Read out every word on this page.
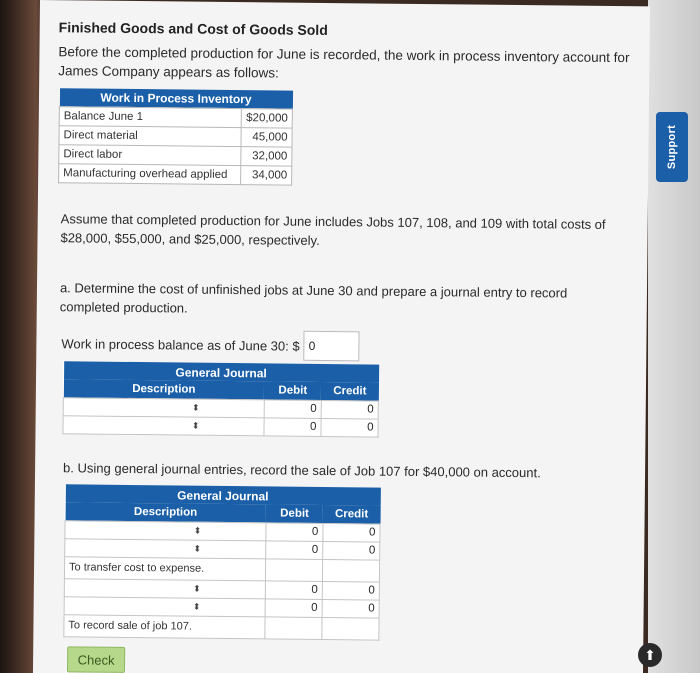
Finished Goods and Cost of Goods Sold
Before the completed production for June is recorded, the work in process inventory account for James Company appears as follows:
Work in Process Inventory	
Balance June 1	$20,000
Direct material	45,000
Direct labor	32,000
Manufacturing overhead applied	34,000
Assume that completed production for June includes Jobs 107, 108, and 109 with total costs of $28,000, $55,000, and $25,000, respectively.
a. Determine the cost of unfinished jobs at June 30 and prepare a journal entry to record completed production.
Work in process balance as of June 30: $ 0
General Journal		
Description	Debit	Credit
⬍	0	0
⬍	0	0
b. Using general journal entries, record the sale of Job 107 for $40,000 on account.
General Journal		
Description	Debit	Credit
⬍	0	0
⬍	0	0
To transfer cost to expense.		
⬍	0	0
⬍	0	0
To record sale of job 107.		
Check
Support
⬆
